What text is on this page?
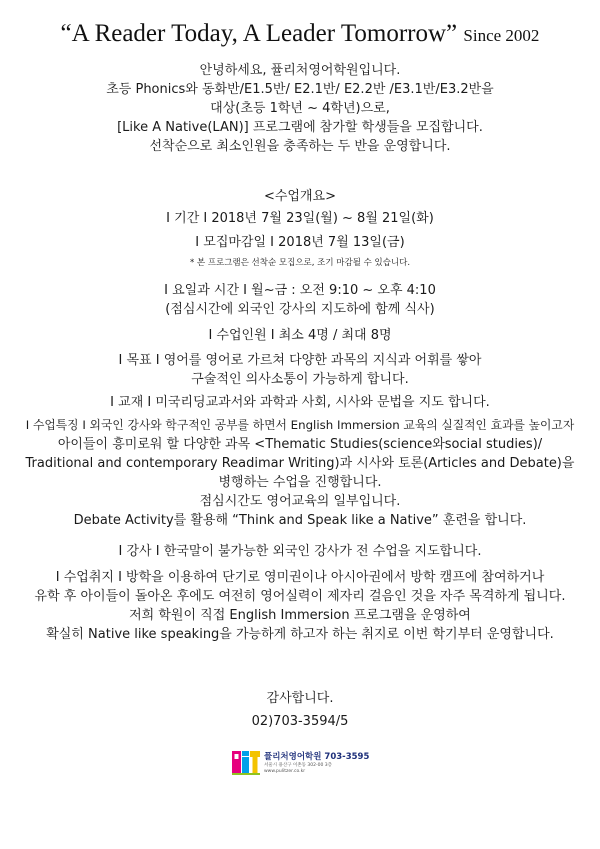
“A Reader Today, A Leader Tomorrow” Since 2002
안녕하세요, 퓰리처영어학원입니다.
초등 Phonics와 동화반/E1.5반/ E2.1반/ E2.2반 /E3.1반/E3.2반을
대상(초등 1학년 ~ 4학년)으로,
[Like A Native(LAN)] 프로그램에 참가할 학생들을 모집합니다.
선착순으로 최소인원을 충족하는 두 반을 운영합니다.
<수업개요>
I 기간 I 2018년 7월 23일(월) ~ 8월 21일(화)
I 모집마감일 I 2018년 7월 13일(금)
* 본 프로그램은 선착순 모집으로, 조기 마감될 수 있습니다.
I 요일과 시간 I 월~금 : 오전 9:10 ~ 오후 4:10
(점심시간에 외국인 강사의 지도하에 함께 식사)
I 수업인원 I 최소 4명 / 최대 8명
I 목표 I 영어를 영어로 가르쳐 다양한 과목의 지식과 어휘를 쌓아
구술적인 의사소통이 가능하게 합니다.
I 교재 I 미국리딩교과서와 과학과 사회, 시사와 문법을 지도 합니다.
I 수업특징 I 외국인 강사와 학구적인 공부를 하면서 English Immersion 교육의 실질적인 효과를 높이고자
아이들이 흥미로워 할 다양한 과목 <Thematic Studies(science와social studies)/
Traditional and contemporary Readimar Writing)과 시사와 토론(Articles and Debate)을
병행하는 수업을 진행합니다.
점심시간도 영어교육의 일부입니다.
Debate Activity를 활용해 “Think and Speak like a Native” 훈련을 합니다.
I 강사 I 한국말이 불가능한 외국인 강사가 전 수업을 지도합니다.
I 수업취지 I 방학을 이용하여 단기로 영미권이나 아시아권에서 방학 캠프에 참여하거나
유학 후 아이들이 돌아온 후에도 여전히 영어실력이 제자리 걸음인 것을 자주 목격하게 됩니다.
저희 학원이 직접 English Immersion 프로그램을 운영하여
확실히 Native like speaking을 가능하게 하고자 하는 취지로 이번 학기부터 운영합니다.
감사합니다.
02)703-3594/5
퓰리처영어학원 703-3595
서울시 용산구 이촌동 302-00 3층
www.pulitzer.co.kr
